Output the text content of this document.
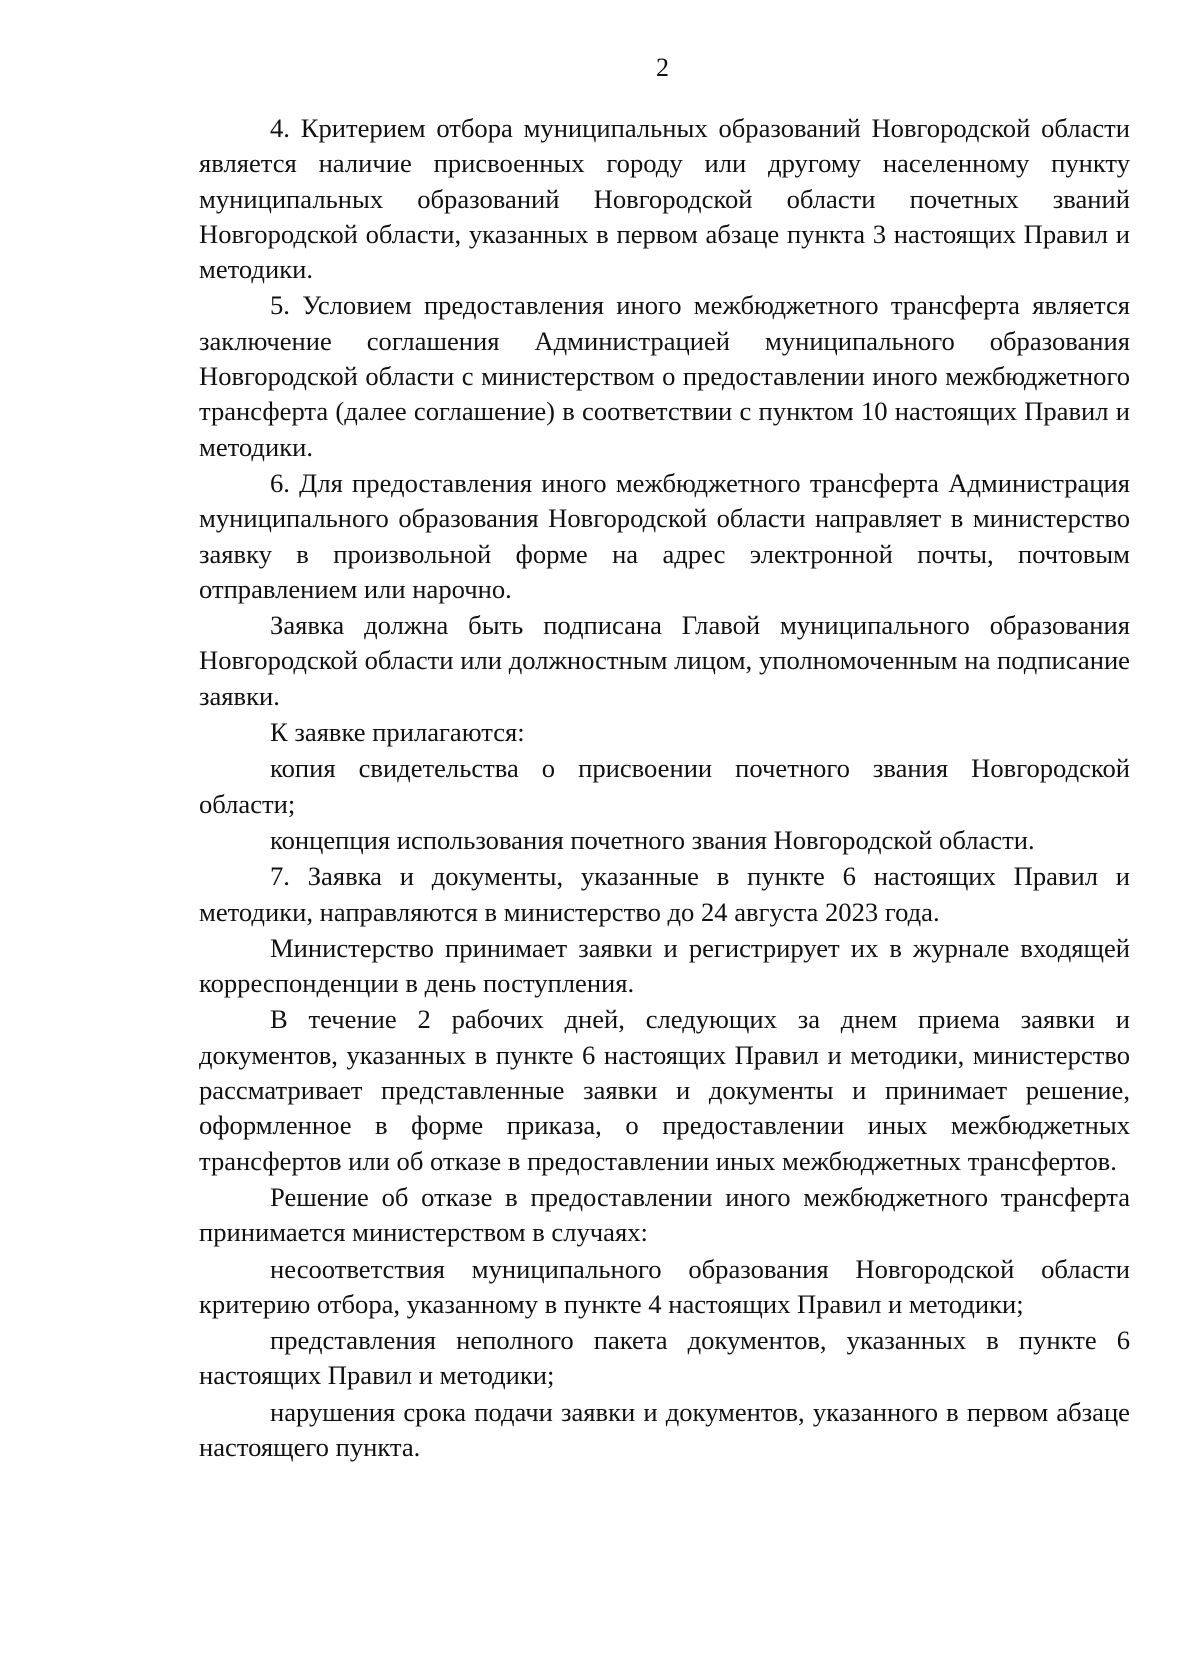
2

4. Критерием отбора муниципальных образований Новгородской области является наличие присвоенных городу или другому населенному пункту муниципальных образований Новгородской области почетных званий Новгородской области, указанных в первом абзаце пункта 3 настоящих Правил и методики.

5. Условием предоставления иного межбюджетного трансферта является заключение соглашения Администрацией муниципального образования Новгородской области с министерством о предоставлении иного межбюджетного трансферта (далее соглашение) в соответствии с пунктом 10 настоящих Правил и методики.

6. Для предоставления иного межбюджетного трансферта Администрация муниципального образования Новгородской области направляет в министерство заявку в произвольной форме на адрес электронной почты, почтовым отправлением или нарочно.

Заявка должна быть подписана Главой муниципального образования Новгородской области или должностным лицом, уполномоченным на подписание заявки.

К заявке прилагаются:

копия свидетельства о присвоении почетного звания Новгородской области;

концепция использования почетного звания Новгородской области.

7. Заявка и документы, указанные в пункте 6 настоящих Правил и методики, направляются в министерство до 24 августа 2023 года.

Министерство принимает заявки и регистрирует их в журнале входящей корреспонденции в день поступления.

В течение 2 рабочих дней, следующих за днем приема заявки и документов, указанных в пункте 6 настоящих Правил и методики, министерство рассматривает представленные заявки и документы и принимает решение, оформленное в форме приказа, о предоставлении иных межбюджетных трансфертов или об отказе в предоставлении иных межбюджетных трансфертов.

Решение об отказе в предоставлении иного межбюджетного трансферта принимается министерством в случаях:

несоответствия муниципального образования Новгородской области критерию отбора, указанному в пункте 4 настоящих Правил и методики;

представления неполного пакета документов, указанных в пункте 6 настоящих Правил и методики;

нарушения срока подачи заявки и документов, указанного в первом абзаце настоящего пункта.
